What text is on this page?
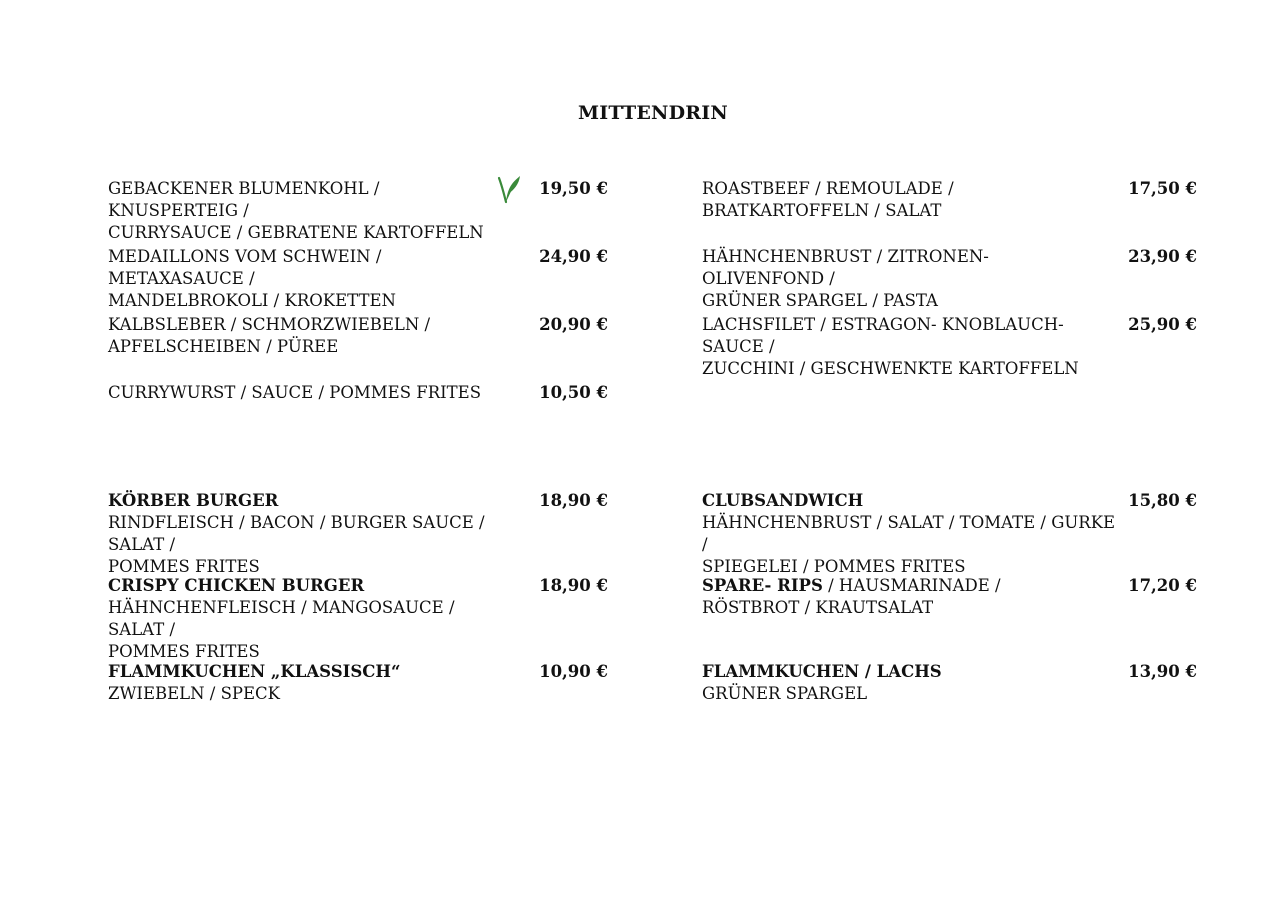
MITTENDRIN
GEBACKENER BLUMENKOHL / KNUSPERTEIG /
CURRYSAUCE / GEBRATENE KARTOFFELN
19,50 €
MEDAILLONS VOM SCHWEIN / METAXASAUCE /
MANDELBROKOLI / KROKETTEN
24,90 €
KALBSLEBER / SCHMORZWIEBELN /
APFELSCHEIBEN / PÜREE
20,90 €
CURRYWURST / SAUCE / POMMES FRITES	10,50 €
ROASTBEEF / REMOULADE /
BRATKARTOFFELN / SALAT
17,50 €
HÄHNCHENBRUST / ZITRONEN-OLIVENFOND /
GRÜNER SPARGEL / PASTA
23,90 €
LACHSFILET / ESTRAGON- KNOBLAUCH- SAUCE /
ZUCCHINI / GESCHWENKTE KARTOFFELN
25,90 €
KÖRBER BURGER
RINDFLEISCH / BACON / BURGER SAUCE / SALAT /
POMMES FRITES
18,90 €
CRISPY CHICKEN BURGER
HÄHNCHENFLEISCH / MANGOSAUCE / SALAT /
POMMES FRITES
18,90 €
FLAMMKUCHEN „KLASSISCH“
ZWIEBELN / SPECK
10,90 €
CLUBSANDWICH
HÄHNCHENBRUST / SALAT / TOMATE / GURKE /
SPIEGELEI / POMMES FRITES
15,80 €
SPARE- RIPS / HAUSMARINADE /
RÖSTBROT / KRAUTSALAT
17,20 €
FLAMMKUCHEN / LACHS
GRÜNER SPARGEL
13,90 €
